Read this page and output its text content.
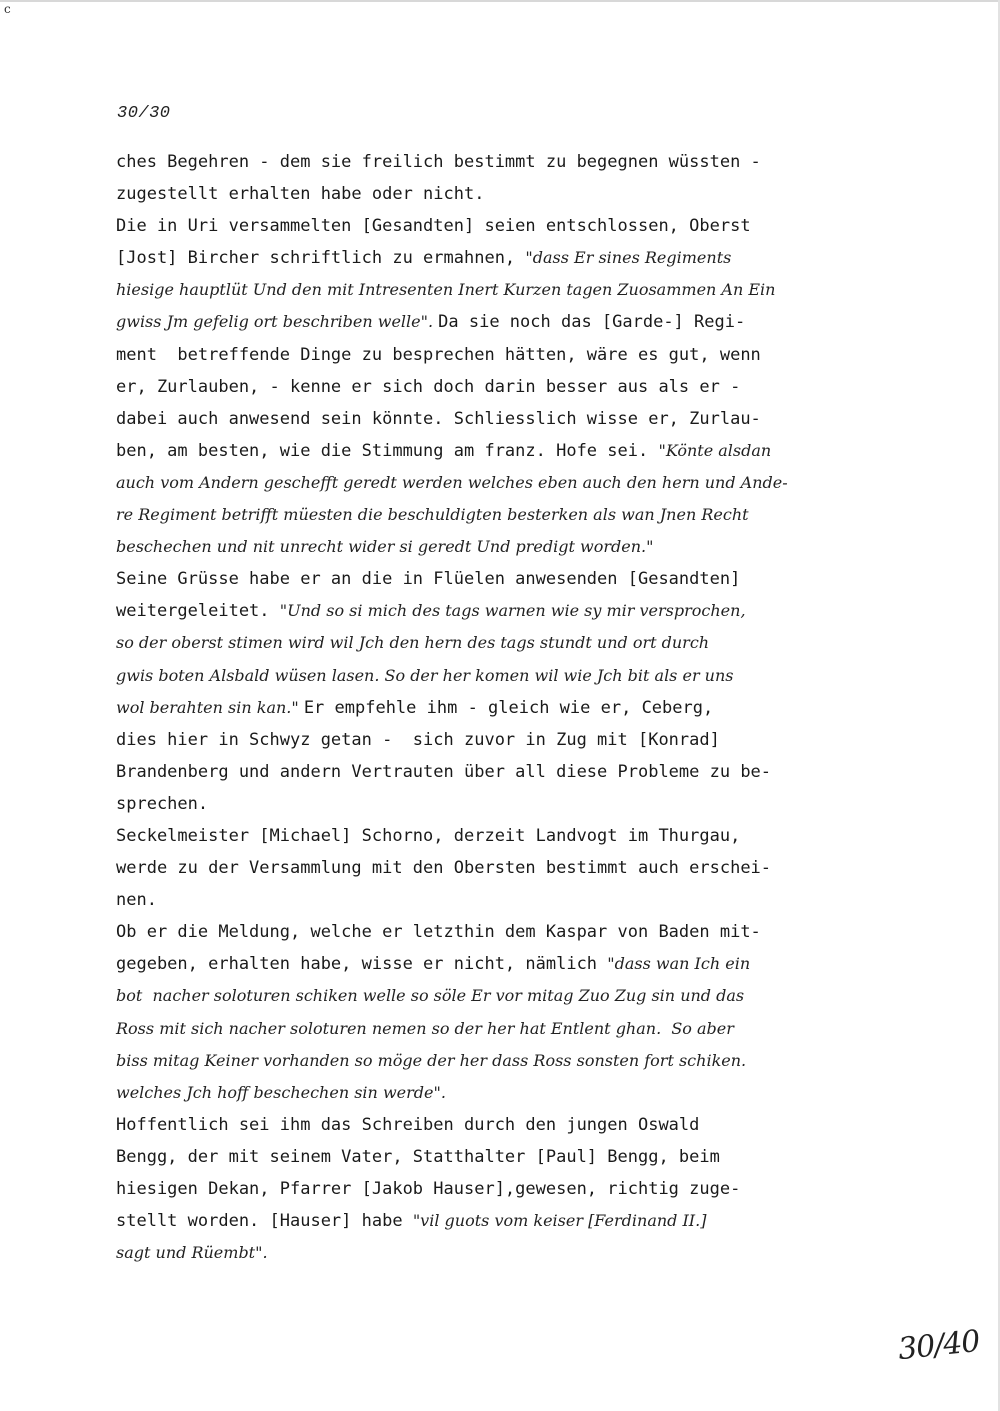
c
30/30
ches Begehren - dem sie freilich bestimmt zu begegnen wüssten -
zugestellt erhalten habe oder nicht.
Die in Uri versammelten [Gesandten] seien entschlossen, Oberst
[Jost] Bircher schriftlich zu ermahnen, "dass Er sines Regiments
hiesige hauptlüt Und den mit Intresenten Inert Kurzen tagen Zuosammen An Ein
gwiss Jm gefelig ort beschriben welle". Da sie noch das [Garde-] Regi-
ment  betreffende Dinge zu besprechen hätten, wäre es gut, wenn
er, Zurlauben, - kenne er sich doch darin besser aus als er -
dabei auch anwesend sein könnte. Schliesslich wisse er, Zurlau-
ben, am besten, wie die Stimmung am franz. Hofe sei. "Könte alsdan
auch vom Andern geschefft geredt werden welches eben auch den hern und Ande-
re Regiment betrifft müesten die beschuldigten besterken als wan Jnen Recht
beschechen und nit unrecht wider si geredt Und predigt worden."
Seine Grüsse habe er an die in Flüelen anwesenden [Gesandten]
weitergeleitet. "Und so si mich des tags warnen wie sy mir versprochen,
so der oberst stimen wird wil Jch den hern des tags stundt und ort durch
gwis boten Alsbald wüsen lasen. So der her komen wil wie Jch bit als er uns
wol berahten sin kan." Er empfehle ihm - gleich wie er, Ceberg,
dies hier in Schwyz getan -  sich zuvor in Zug mit [Konrad]
Brandenberg und andern Vertrauten über all diese Probleme zu be-
sprechen.
Seckelmeister [Michael] Schorno, derzeit Landvogt im Thurgau,
werde zu der Versammlung mit den Obersten bestimmt auch erschei-
nen.
Ob er die Meldung, welche er letzthin dem Kaspar von Baden mit-
gegeben, erhalten habe, wisse er nicht, nämlich "dass wan Ich ein
bot  nacher soloturen schiken welle so söle Er vor mitag Zuo Zug sin und das
Ross mit sich nacher soloturen nemen so der her hat Entlent ghan.  So aber
biss mitag Keiner vorhanden so möge der her dass Ross sonsten fort schiken.
welches Jch hoff beschechen sin werde".
Hoffentlich sei ihm das Schreiben durch den jungen Oswald
Bengg, der mit seinem Vater, Statthalter [Paul] Bengg, beim
hiesigen Dekan, Pfarrer [Jakob Hauser],gewesen, richtig zuge-
stellt worden. [Hauser] habe "vil guots vom keiser [Ferdinand II.]
sagt und Rüembt".
30/40
